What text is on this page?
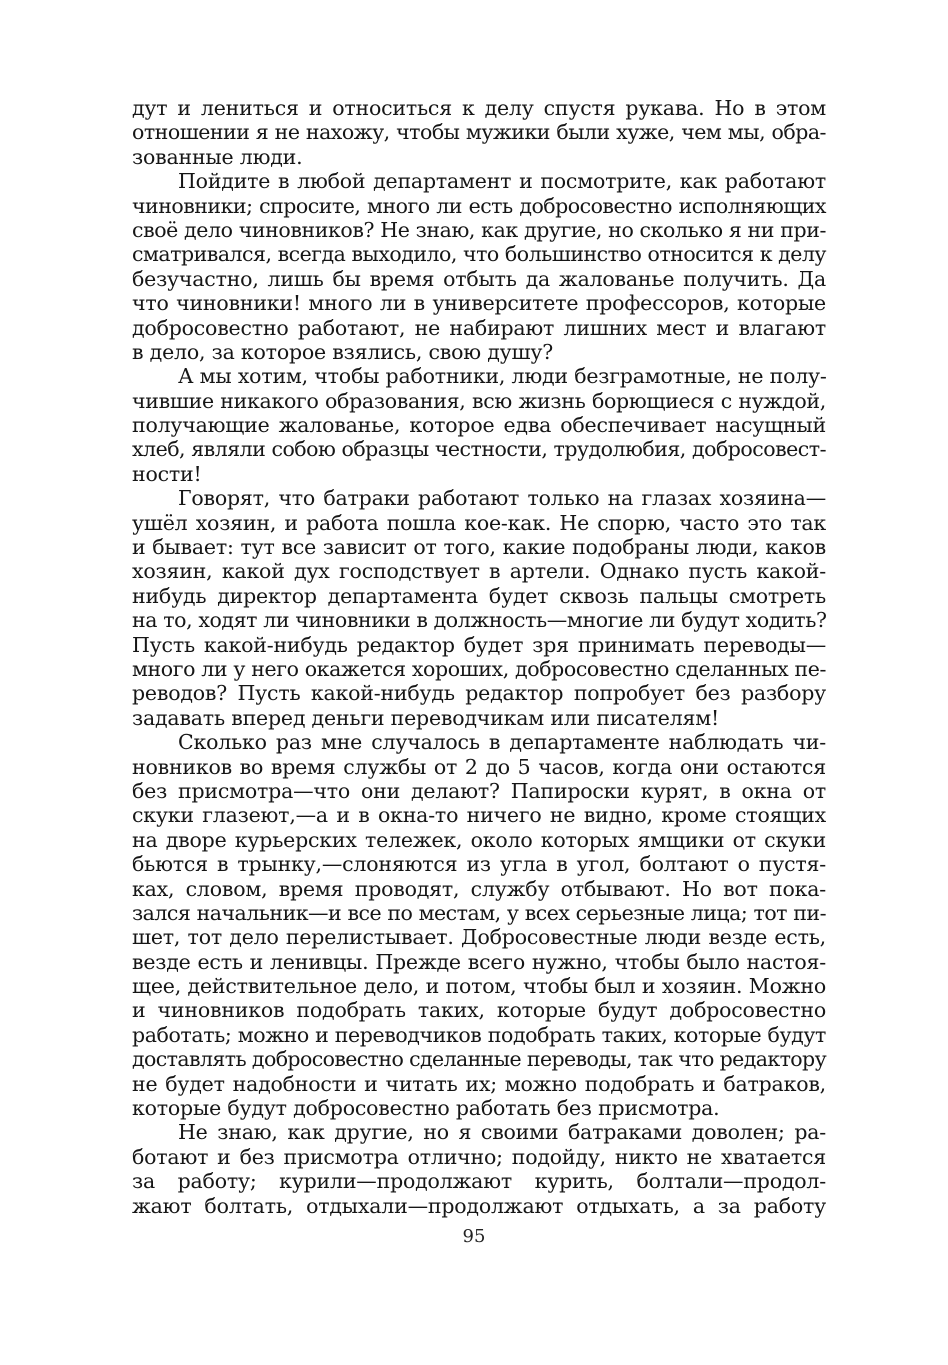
дут и лениться и относиться к делу спустя рукава. Но в этом
отношении я не нахожу, чтобы мужики были хуже, чем мы, обра-
зованные люди.
Пойдите в любой департамент и посмотрите, как работают
чиновники; спросите, много ли есть добросовестно исполняющих
своё дело чиновников? Не знаю, как другие, но сколько я ни при-
сматривался, всегда выходило, что большинство относится к делу
безучастно, лишь бы время отбыть да жалованье получить. Да
что чиновники! много ли в университете профессоров, которые
добросовестно работают, не набирают лишних мест и влагают
в дело, за которое взялись, свою душу?
А мы хотим, чтобы работники, люди безграмотные, не полу-
чившие никакого образования, всю жизнь борющиеся с нуждой,
получающие жалованье, которое едва обеспечивает насущный
хлеб, являли собою образцы честности, трудолюбия, добросовест-
ности!
Говорят, что батраки работают только на глазах хозяина—
ушёл хозяин, и работа пошла кое-как. Не спорю, часто это так
и бывает: тут все зависит от того, какие подобраны люди, каков
хозяин, какой дух господствует в артели. Однако пусть какой-
нибудь директор департамента будет сквозь пальцы смотреть
на то, ходят ли чиновники в должность—многие ли будут ходить?
Пусть какой-нибудь редактор будет зря принимать переводы—
много ли у него окажется хороших, добросовестно сделанных пе-
реводов? Пусть какой-нибудь редактор попробует без разбору
задавать вперед деньги переводчикам или писателям!
Сколько раз мне случалось в департаменте наблюдать чи-
новников во время службы от 2 до 5 часов, когда они остаются
без присмотра—что они делают? Папироски курят, в окна от
скуки глазеют,—а и в окна-то ничего не видно, кроме стоящих
на дворе курьерских тележек, около которых ямщики от скуки
бьются в трынку,—слоняются из угла в угол, болтают о пустя-
ках, словом, время проводят, службу отбывают. Но вот пока-
зался начальник—и все по местам, у всех серьезные лица; тот пи-
шет, тот дело перелистывает. Добросовестные люди везде есть,
везде есть и ленивцы. Прежде всего нужно, чтобы было настоя-
щее, действительное дело, и потом, чтобы был и хозяин. Можно
и чиновников подобрать таких, которые будут добросовестно
работать; можно и переводчиков подобрать таких, которые будут
доставлять добросовестно сделанные переводы, так что редактору
не будет надобности и читать их; можно подобрать и батраков,
которые будут добросовестно работать без присмотра.
Не знаю, как другие, но я своими батраками доволен; ра-
ботают и без присмотра отлично; подойду, никто не хватается
за работу; курили—продолжают курить, болтали—продол-
жают болтать, отдыхали—продолжают отдыхать, а за работу
95
